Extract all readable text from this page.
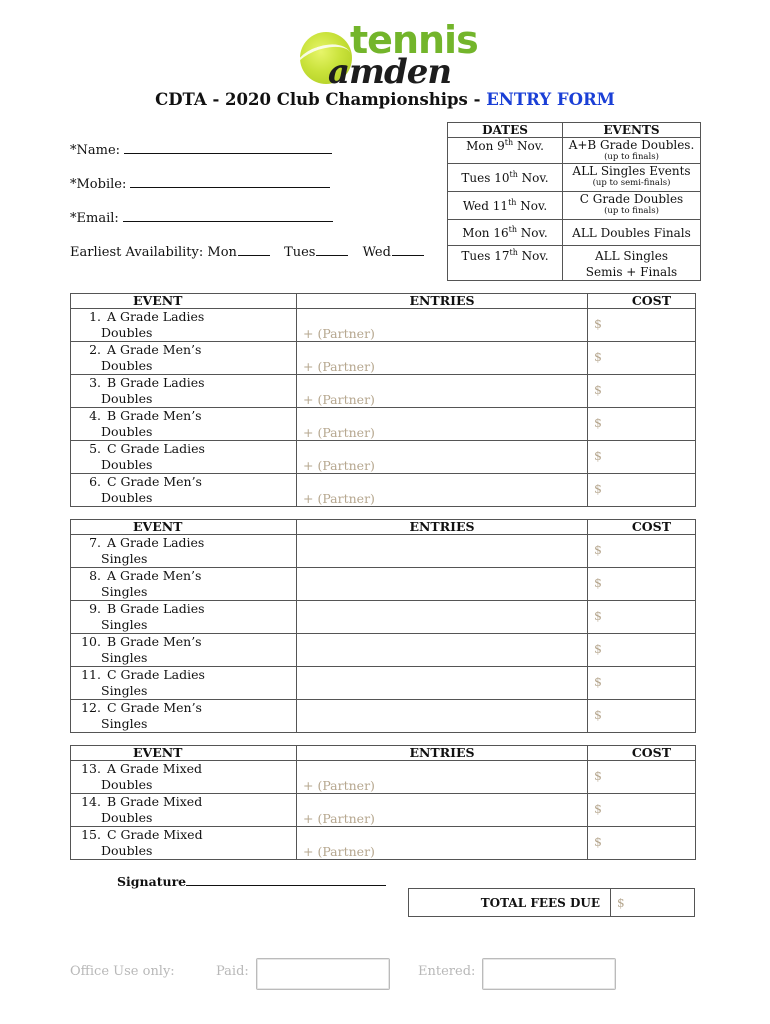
tennis
amden
CDTA - 2020 Club Championships - ENTRY FORM
*Name:
*Mobile:
*Email:
Earliest Availability: Mon	Tues	Wed
DATES	EVENTS
Mon 9th Nov.	A+B Grade Doubles.
(up to finals)

Tues 10th Nov.	ALL Singles Events
(up to semi-finals)

Wed 11th Nov.	C Grade Doubles
(up to finals)

Mon 16th Nov.	ALL Doubles Finals
Tues 17th Nov.	ALL Singles
Semis + Finals
EVENT	ENTRIES	COST
1. A Grade Ladies
Doubles	+ (Partner)	$

2. A Grade Men’s
Doubles	+ (Partner)	$

3. B Grade Ladies
Doubles	+ (Partner)	$

4. B Grade Men’s
Doubles	+ (Partner)	$

5. C Grade Ladies
Doubles	+ (Partner)	$

6. C Grade Men’s
Doubles	+ (Partner)	$
EVENT	ENTRIES	COST
7. A Grade Ladies
Singles		$

8. A Grade Men’s
Singles		$

9. B Grade Ladies
Singles		$

10. B Grade Men’s
Singles		$

11. C Grade Ladies
Singles		$

12. C Grade Men’s
Singles		$
EVENT	ENTRIES	COST
13. A Grade Mixed
Doubles	+ (Partner)	$

14. B Grade Mixed
Doubles	+ (Partner)	$

15. C Grade Mixed
Doubles	+ (Partner)	$
Signature
TOTAL FEES DUE	$
Office Use only:	Paid:	Entered:
